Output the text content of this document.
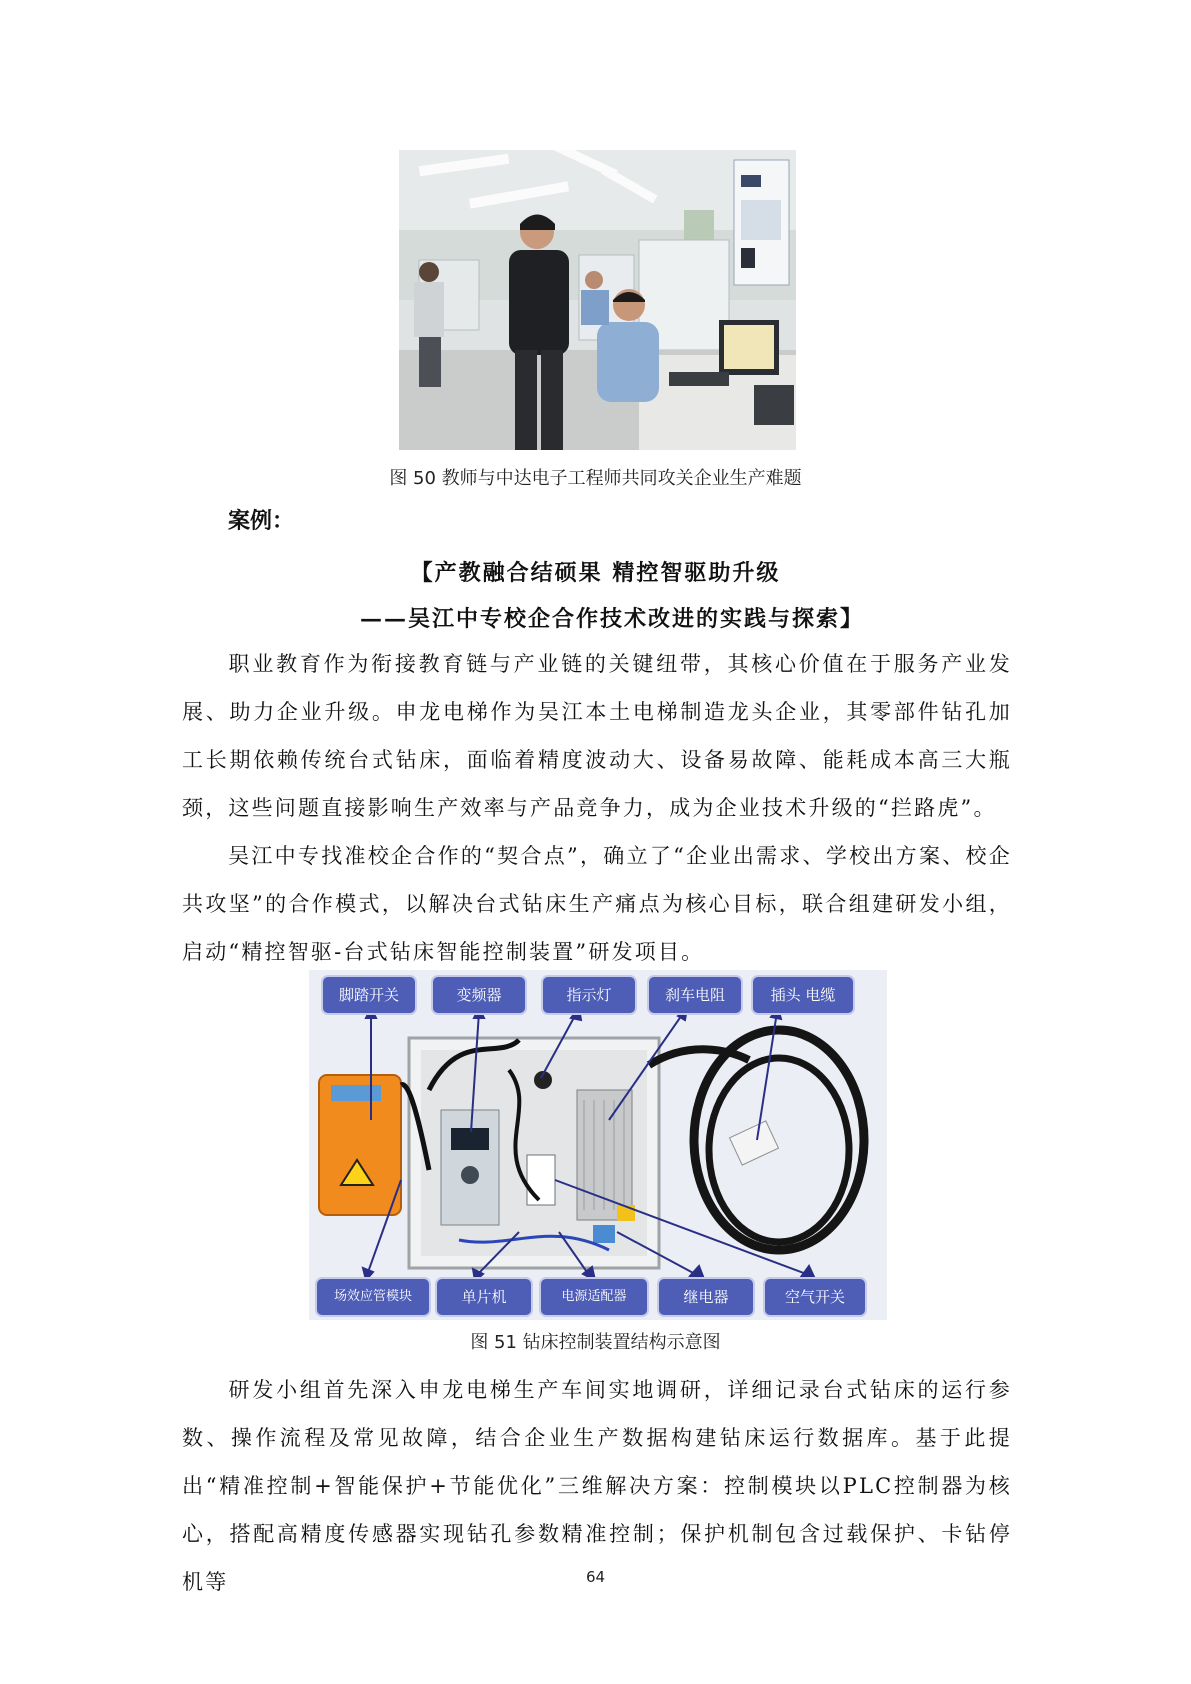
图 50 教师与中达电子工程师共同攻关企业生产难题
案例：
【产教融合结硕果 精控智驱助升级
——吴江中专校企合作技术改进的实践与探索】

职业教育作为衔接教育链与产业链的关键纽带，其核心价值在于服务产业发展、助力企业升级。申龙电梯作为吴江本土电梯制造龙头企业，其零部件钻孔加工长期依赖传统台式钻床，面临着精度波动大、设备易故障、能耗成本高三大瓶颈，这些问题直接影响生产效率与产品竞争力，成为企业技术升级的“拦路虎”。

吴江中专找准校企合作的“契合点”，确立了“企业出需求、学校出方案、校企共攻坚”的合作模式，以解决台式钻床生产痛点为核心目标，联合组建研发小组，启动“精控智驱-台式钻床智能控制装置”研发项目。

脚踏开关	变频器	指示灯	刹车电阻	插头 电缆
场效应管模块	单片机	电源适配器	继电器	空气开关
图 51 钻床控制装置结构示意图

研发小组首先深入申龙电梯生产车间实地调研，详细记录台式钻床的运行参数、操作流程及常见故障，结合企业生产数据构建钻床运行数据库。基于此提出“精准控制+智能保护+节能优化”三维解决方案：控制模块以PLC控制器为核心，搭配高精度传感器实现钻孔参数精准控制；保护机制包含过载保护、卡钻停机等	64
